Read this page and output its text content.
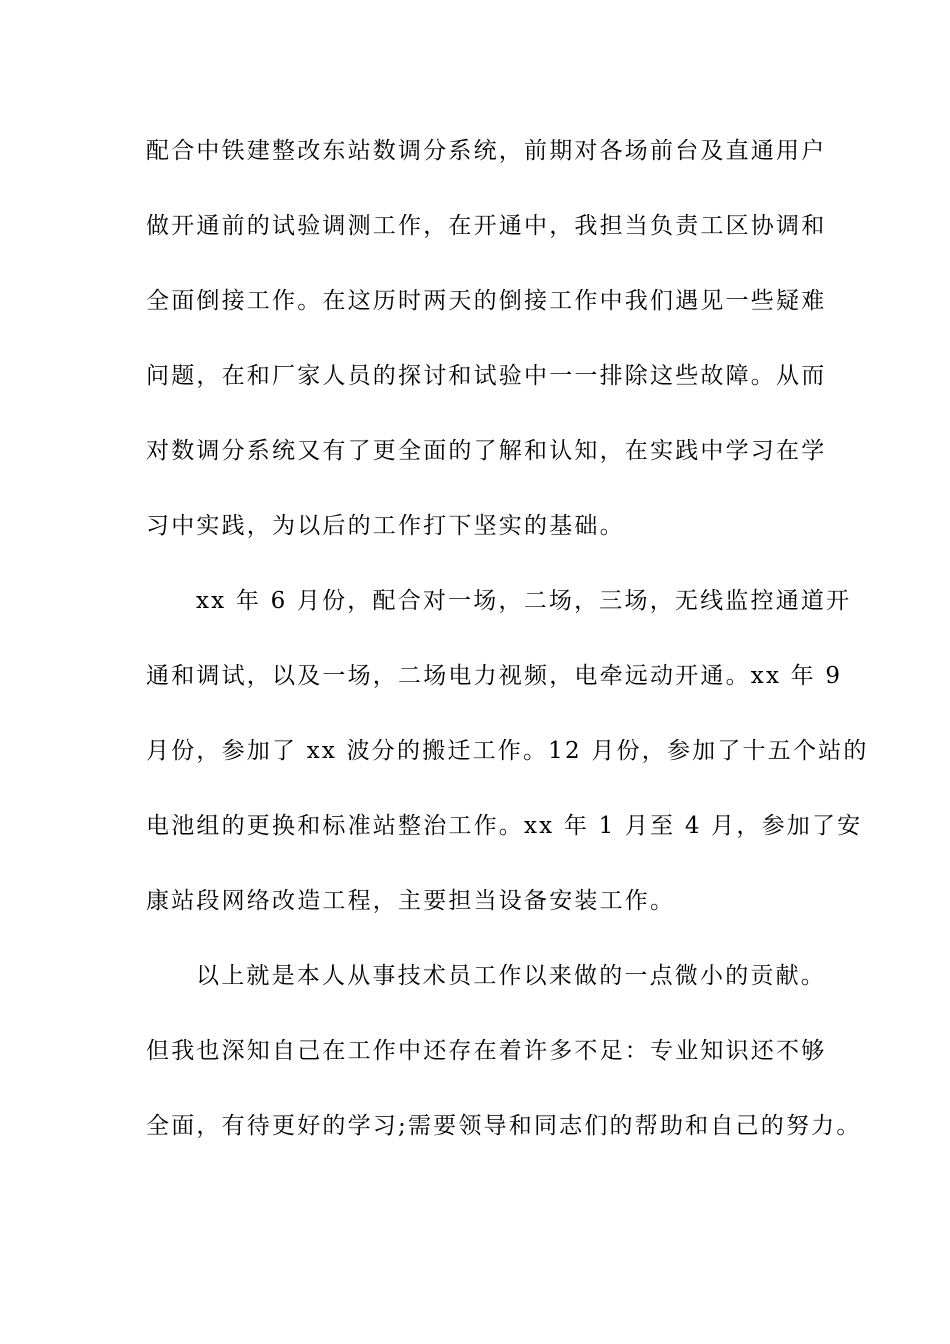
配合中铁建整改东站数调分系统，前期对各场前台及直通用户
做开通前的试验调测工作，在开通中，我担当负责工区协调和
全面倒接工作。在这历时两天的倒接工作中我们遇见一些疑难
问题，在和厂家人员的探讨和试验中一一排除这些故障。从而
对数调分系统又有了更全面的了解和认知，在实践中学习在学
习中实践，为以后的工作打下坚实的基础。
xx 年 6 月份，配合对一场，二场，三场，无线监控通道开
通和调试，以及一场，二场电力视频，电牵远动开通。xx 年 9
月份，参加了 xx 波分的搬迁工作。12 月份，参加了十五个站的
电池组的更换和标准站整治工作。xx 年 1 月至 4 月，参加了安
康站段网络改造工程，主要担当设备安装工作。
以上就是本人从事技术员工作以来做的一点微小的贡献。
但我也深知自己在工作中还存在着许多不足：专业知识还不够
全面，有待更好的学习;需要领导和同志们的帮助和自己的努力。
